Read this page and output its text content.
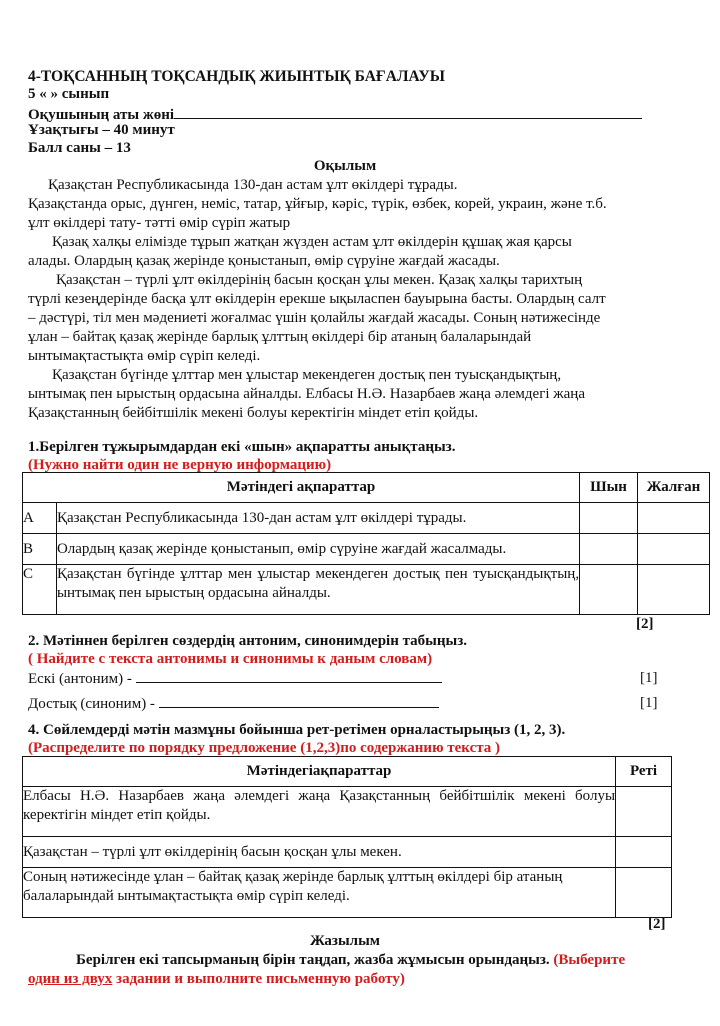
4-ТОҚСАННЫҢ ТОҚСАНДЫҚ ЖИЫНТЫҚ БАҒАЛАУЫ
5 « » сынып
Оқушының аты жөні
Ұзақтығы – 40 минут
Балл саны – 13
Оқылым
Қазақстан Республикасында 130-дан астам ұлт өкілдері тұрады.
Қазақстанда орыс, дүнген, неміс, татар, ұйғыр, кәріс, түрік, өзбек, корей, украин, және т.б.
ұлт өкілдері тату- тәтті өмір сүріп жатыр
Қазақ халқы елімізде тұрып жатқан жүзден астам ұлт өкілдерін құшақ жая қарсы
алады. Олардың қазақ жерінде қоныстанып, өмір сүруіне жағдай жасады.
Қазақстан – түрлі ұлт өкілдерінің басын қосқан ұлы мекен. Қазақ халқы тарихтың
түрлі кезеңдерінде басқа ұлт өкілдерін ерекше ықыласпен бауырына басты. Олардың салт
– дәстүрі, тіл мен мәдениеті жоғалмас үшін қолайлы жағдай жасады. Соның нәтижесінде
ұлан – байтақ қазақ жерінде барлық ұлттың өкілдері бір атаның балаларындай
ынтымақтастықта өмір сүріп келеді.
Қазақстан бүгінде ұлттар мен ұлыстар мекендеген достық пен туысқандықтың,
ынтымақ пен ырыстың ордасына айналды. Елбасы Н.Ә. Назарбаев жаңа әлемдегі жаңа
Қазақстанның бейбітшілік мекені болуы керектігін міндет етіп қойды.
1.Берілген тұжырымдардан екі «шын» ақпаратты анықтаңыз.
(Нужно найти один не верную информацию)
Мәтіндегі ақпараттар		Шын	Жалған
A	Қазақстан Республикасында 130-дан астам ұлт өкілдері тұрады.		
B	Олардың қазақ жерінде қоныстанып, өмір сүруіне жағдай жасалмады.		
C	Қазақстан бүгінде ұлттар мен ұлыстар мекендеген достық пен туысқандықтың, ынтымақ пен ырыстың ордасына айналды.		
[2]
2. Мәтіннен берілген сөздердің антоним, синонимдерін табыңыз.
( Найдите с текста антонимы и синонимы к даным словам)
Ескі (антоним) -	[1]
Достық (синоним) -	[1]
4. Сөйлемдерді мәтін мазмұны бойынша рет-ретімен орналастырыңыз (1, 2, 3).
(Распределите по порядку предложение (1,2,3)по содержанию текста )
Мәтіндегіақпараттар	Реті
Елбасы Н.Ә. Назарбаев жаңа әлемдегі жаңа Қазақстанның бейбітшілік мекені болуы керектігін міндет етіп қойды.	
Қазақстан – түрлі ұлт өкілдерінің басын қосқан ұлы мекен.	
Соның нәтижесінде ұлан – байтақ қазақ жерінде барлық ұлттың өкілдері бір атаның балаларындай ынтымақтастықта өмір сүріп келеді.	
[2]
Жазылым
Берілген екі тапсырманың бірін таңдап, жазба жұмысын орындаңыз. (Выберите
один из двух задании и выполните письменную работу)
